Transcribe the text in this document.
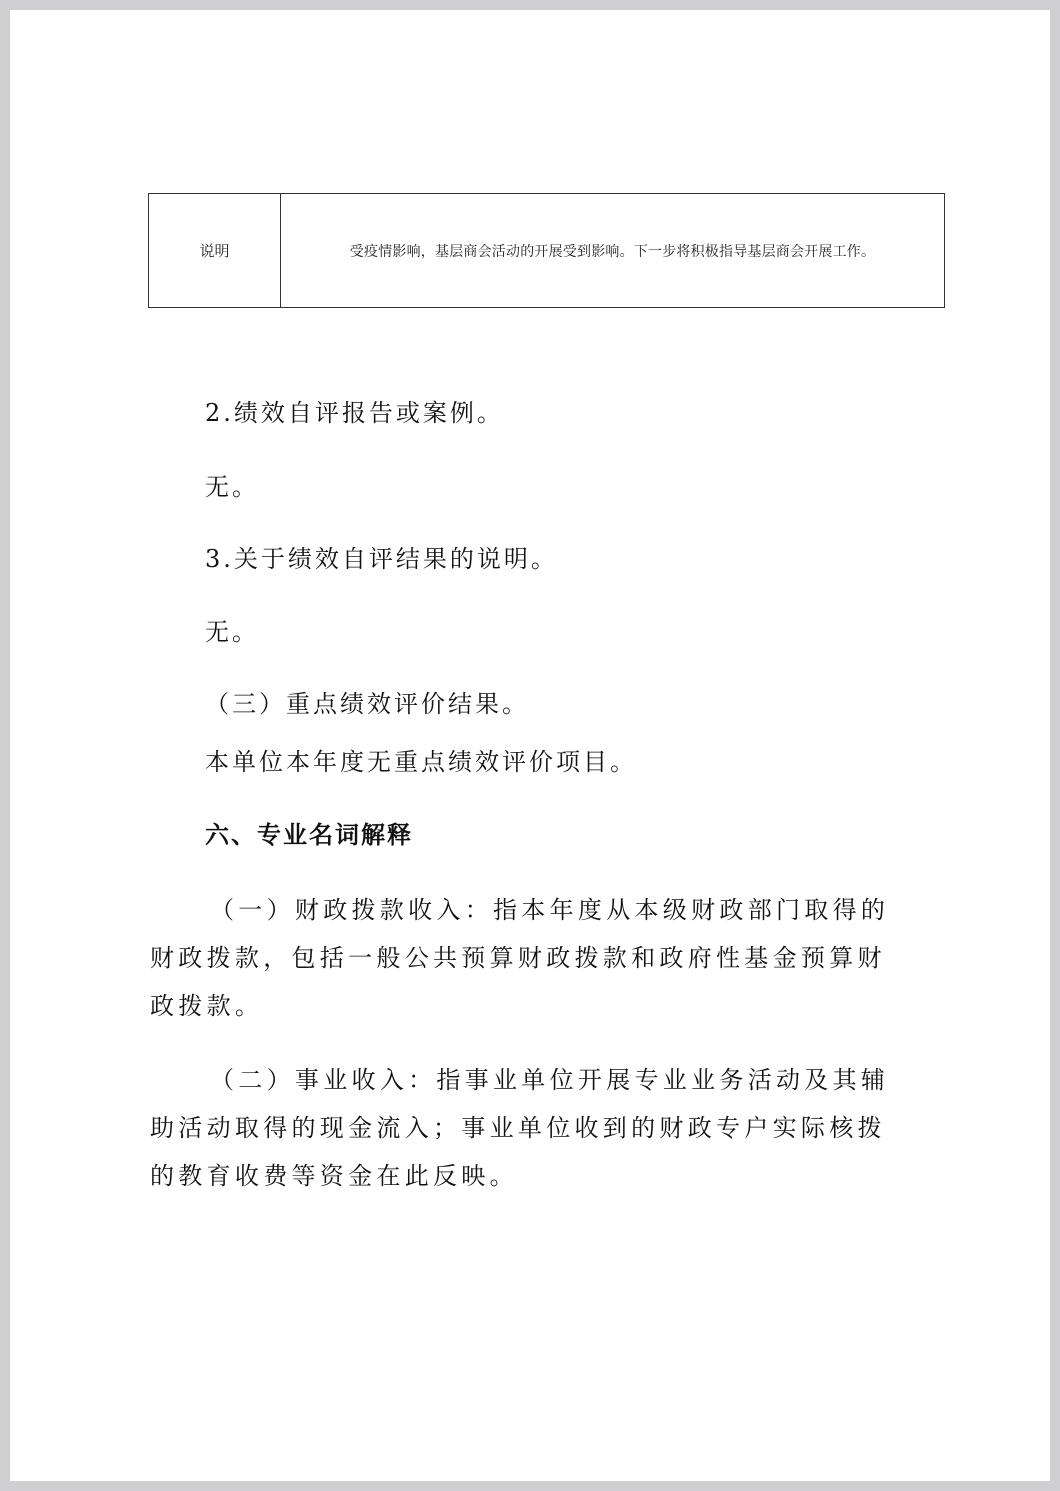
说明	受疫情影响，基层商会活动的开展受到影响。下一步将积极指导基层商会开展工作。
2.绩效自评报告或案例。
无。
3.关于绩效自评结果的说明。
无。
（三）重点绩效评价结果。
本单位本年度无重点绩效评价项目。
六、专业名词解释

（一）财政拨款收入：指本年度从本级财政部门取得的财政拨款，包括一般公共预算财政拨款和政府性基金预算财政拨款。

（二）事业收入：指事业单位开展专业业务活动及其辅助活动取得的现金流入；事业单位收到的财政专户实际核拨的教育收费等资金在此反映。
